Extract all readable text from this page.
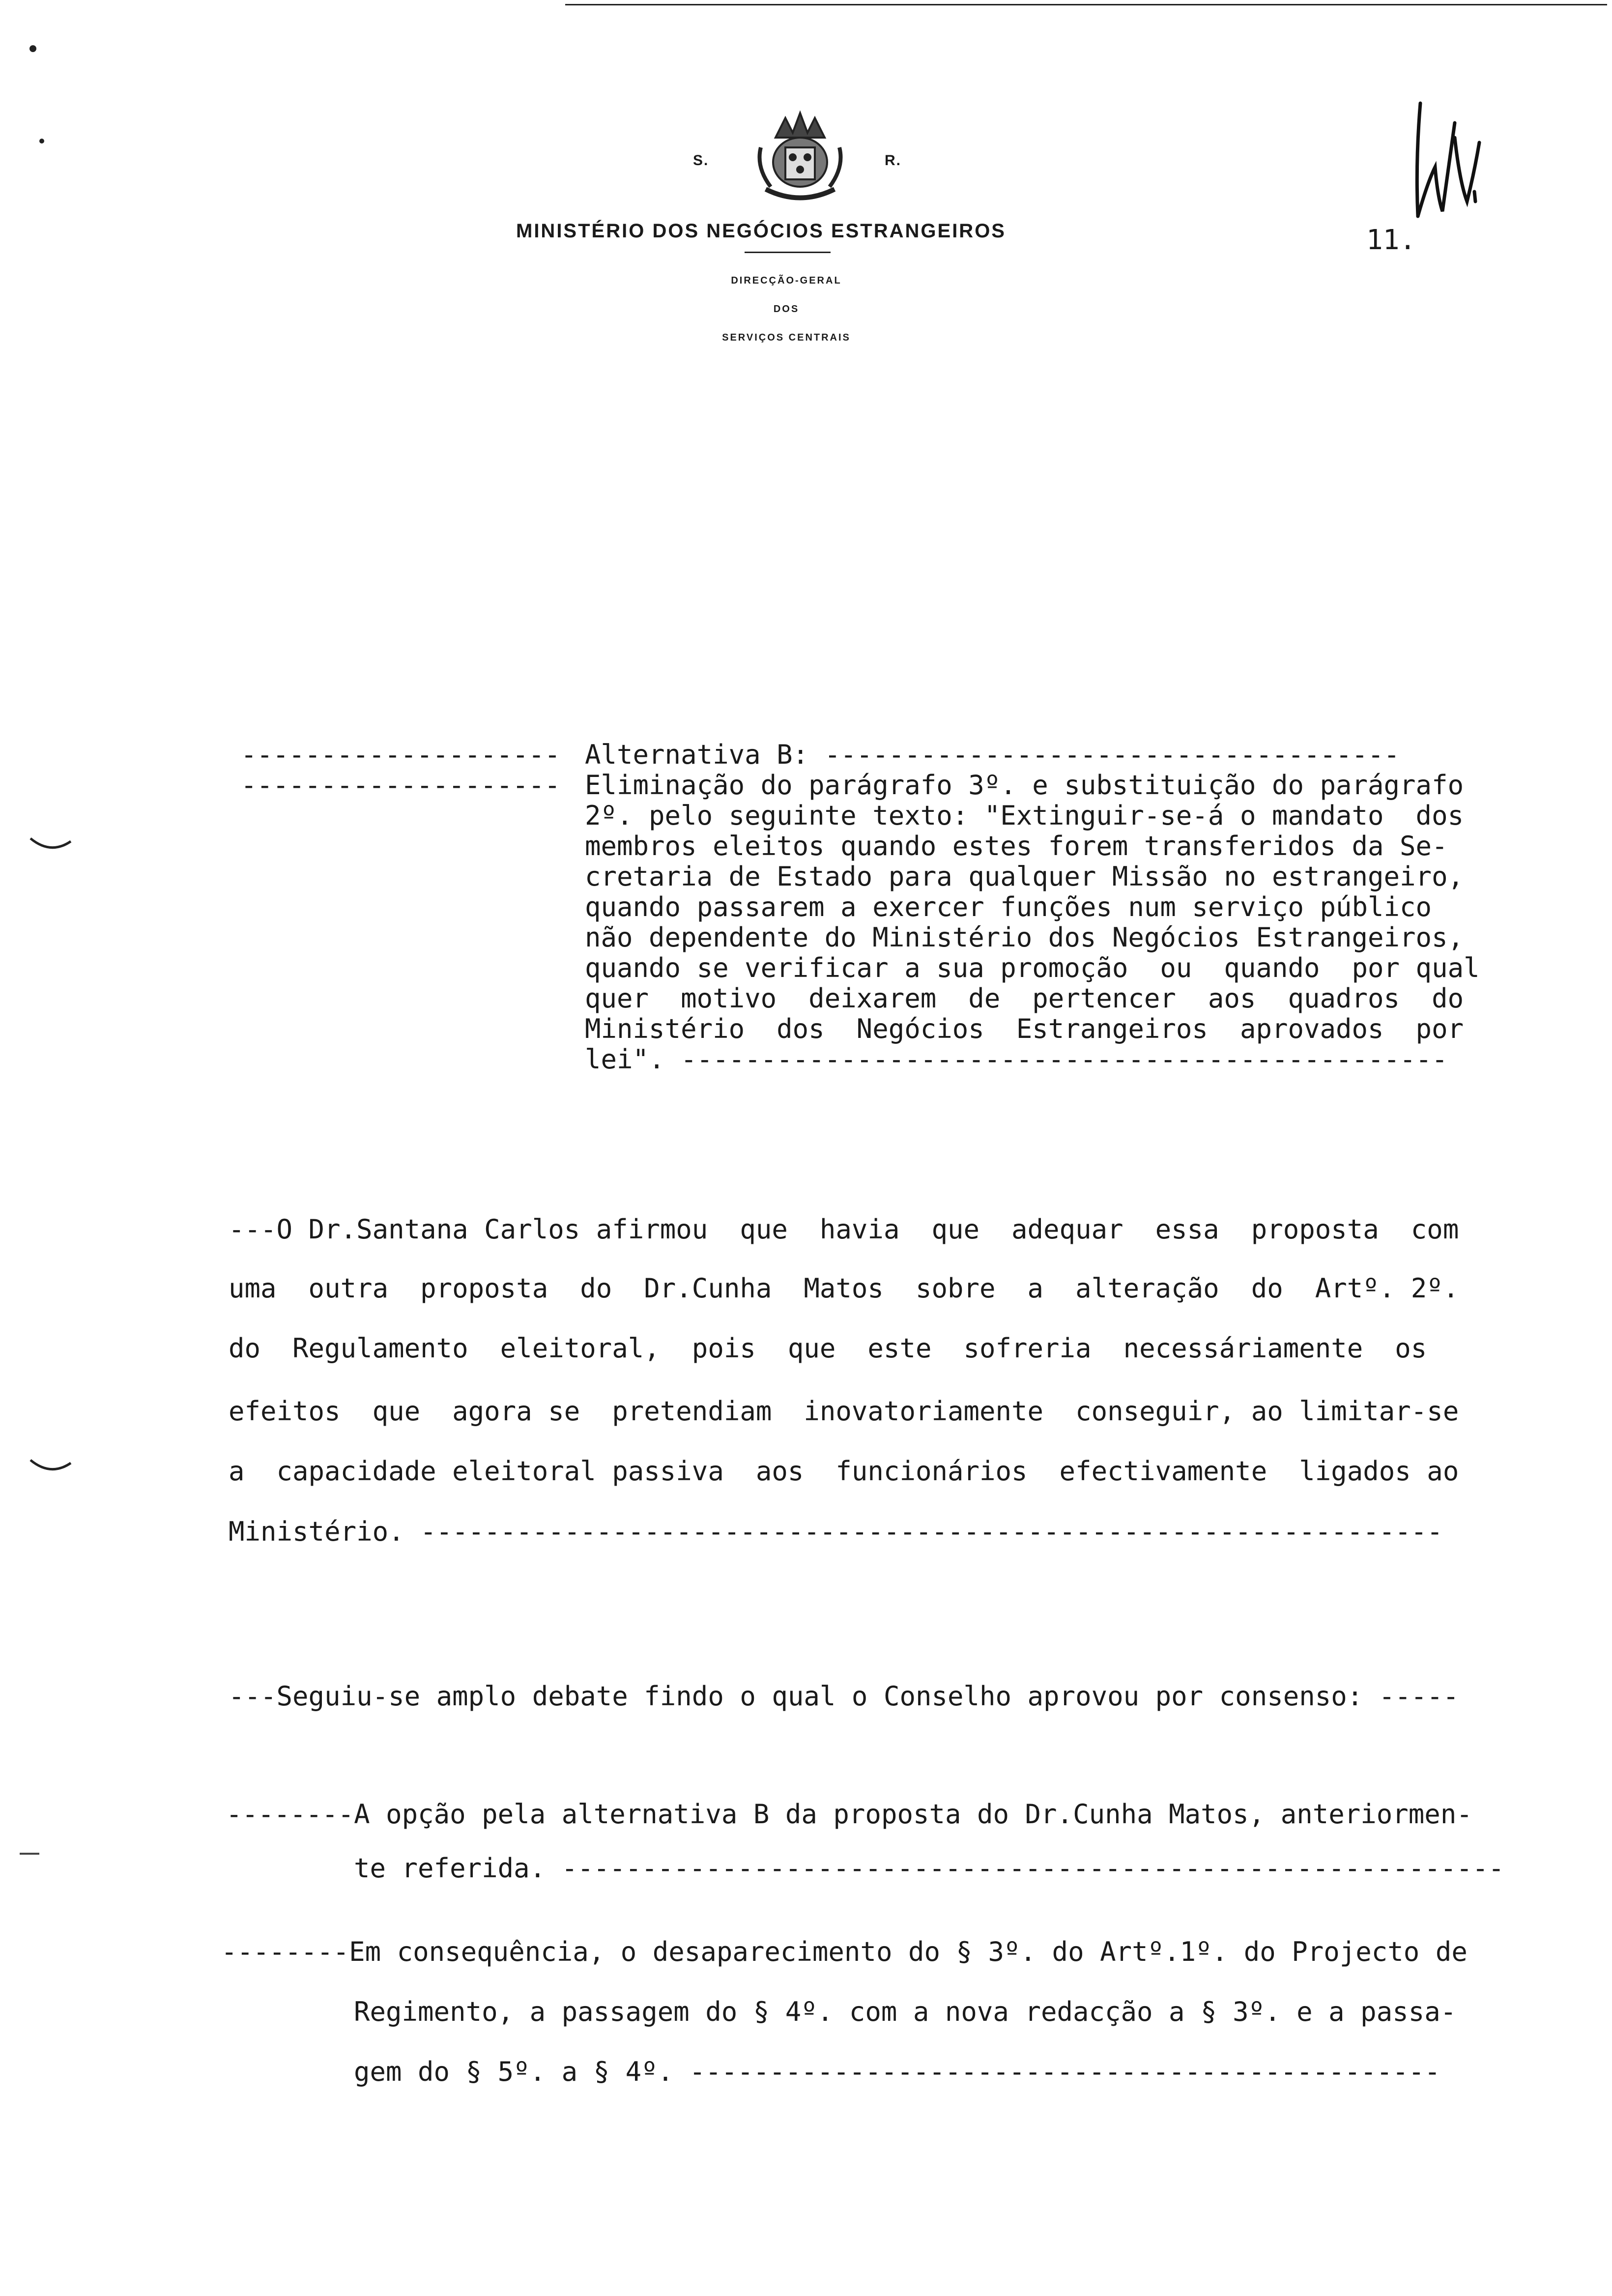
S.	R.
MINISTÉRIO DOS NEGÓCIOS ESTRANGEIROS
DIRECÇÃO-GERAL
DOS
SERVIÇOS CENTRAIS
11.
--------------------
--------------------
Alternativa B: ------------------------------------
Eliminação do parágrafo 3º. e substituição do parágrafo
2º. pelo seguinte texto: "Extinguir-se-á o mandato  dos
membros eleitos quando estes forem transferidos da Se-
cretaria de Estado para qualquer Missão no estrangeiro,
quando passarem a exercer funções num serviço público
não dependente do Ministério dos Negócios Estrangeiros,
quando se verificar a sua promoção  ou  quando  por qual
quer  motivo  deixarem  de  pertencer  aos  quadros  do
Ministério  dos  Negócios  Estrangeiros  aprovados  por
lei". ------------------------------------------------
---O Dr.Santana Carlos afirmou  que  havia  que  adequar  essa  proposta  com
uma  outra  proposta  do  Dr.Cunha  Matos  sobre  a  alteração  do  Artº. 2º.
do  Regulamento  eleitoral,  pois  que  este  sofreria  necessáriamente  os
efeitos  que  agora se  pretendiam  inovatoriamente  conseguir, ao limitar-se
a  capacidade eleitoral passiva  aos  funcionários  efectivamente  ligados ao
Ministério. ----------------------------------------------------------------
---Seguiu-se amplo debate findo o qual o Conselho aprovou por consenso: -----
--------A opção pela alternativa B da proposta do Dr.Cunha Matos, anteriormen-
te referida. -----------------------------------------------------------
--------Em consequência, o desaparecimento do § 3º. do Artº.1º. do Projecto de
Regimento, a passagem do § 4º. com a nova redacção a § 3º. e a passa-
gem do § 5º. a § 4º. -----------------------------------------------
